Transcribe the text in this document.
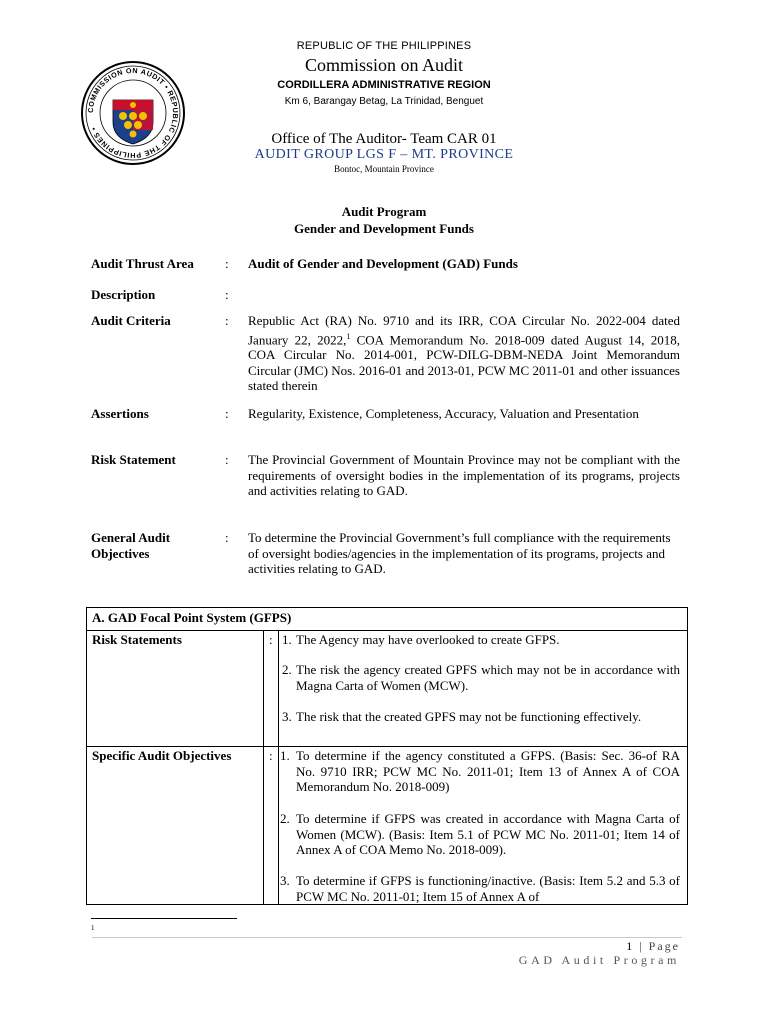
COMMISSION ON AUDIT • REPUBLIC OF THE PHILIPPINES •
REPUBLIC OF THE PHILIPPINES
Commission on Audit
CORDILLERA ADMINISTRATIVE REGION
Km 6, Barangay Betag, La Trinidad, Benguet
Office of The Auditor- Team CAR 01
AUDIT GROUP LGS F – MT. PROVINCE
Bontoc, Mountain Province
Audit Program
Gender and Development Funds
Audit Thrust Area : Audit of Gender and Development (GAD) Funds
Description	:
Audit Criteria	: Republic Act (RA) No. 9710 and its IRR, COA Circular No. 2022-004 dated January 22, 2022,$^1$ COA Memorandum No. 2018-009 dated August 14, 2018, COA Circular No. 2014-001, PCW-DILG-DBM-NEDA Joint Memorandum Circular (JMC) Nos. 2016-01 and 2013-01, PCW MC 2011-01 and other issuances stated therein
Assertions	: Regularity, Existence, Completeness, Accuracy, Valuation and Presentation
Risk Statement	: The Provincial Government of Mountain Province may not be compliant with the requirements of oversight bodies in the implementation of its programs, projects and activities relating to GAD.
General Audit
Objectives
: To determine the Provincial Government’s full compliance with the requirements of oversight bodies/agencies in the implementation of its programs, projects and activities relating to GAD.
A. GAD Focal Point System (GFPS)
Risk Statements	: 1. The Agency may have overlooked to create GFPS.
2. The risk the agency created GPFS which may not be in accordance with Magna Carta of Women (MCW).
3. The risk that the created GPFS may not be functioning effectively.
Specific Audit Objectives	: 1. To determine if the agency constituted a GFPS. (Basis: Sec. 36-of RA No. 9710 IRR; PCW MC No. 2011-01; Item 13 of Annex A of COA Memorandum No. 2018-009)
2. To determine if GFPS was created in accordance with Magna Carta of Women (MCW). (Basis: Item 5.1 of PCW MC No. 2011-01; Item 14 of Annex A of COA Memo No. 2018-009).
3. To determine if GFPS is functioning/inactive. (Basis: Item 5.2 and 5.3 of PCW MC No. 2011-01; Item 15 of Annex A of
1
1 | Page
GAD Audit Program
